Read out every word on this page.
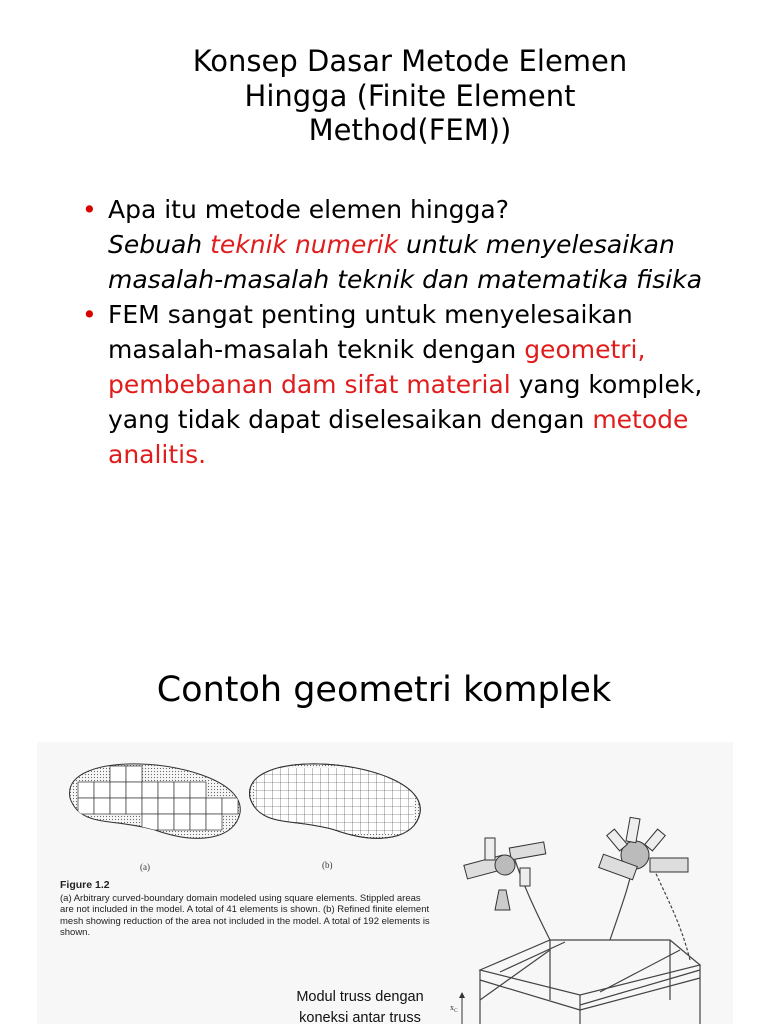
Konsep Dasar Metode Elemen
Hingga (Finite Element
Method(FEM))
• Apa itu metode elemen hingga?
Sebuah teknik numerik untuk menyelesaikan masalah-masalah teknik dan matematika fisika
• FEM sangat penting untuk menyelesaikan masalah-masalah teknik dengan geometri, pembebanan dam sifat material yang komplek, yang tidak dapat diselesaikan dengan metode analitis.
Contoh geometri komplek
(a)	(b)
Figure 1.2
(a) Arbitrary curved-boundary domain modeled using square elements. Stippled areas are not included in the model. A total of 41 elements is shown. (b) Refined finite element mesh showing reduction of the area not included in the model. A total of 192 elements is shown.
$x_C$
Modul truss dengan
koneksi antar truss
